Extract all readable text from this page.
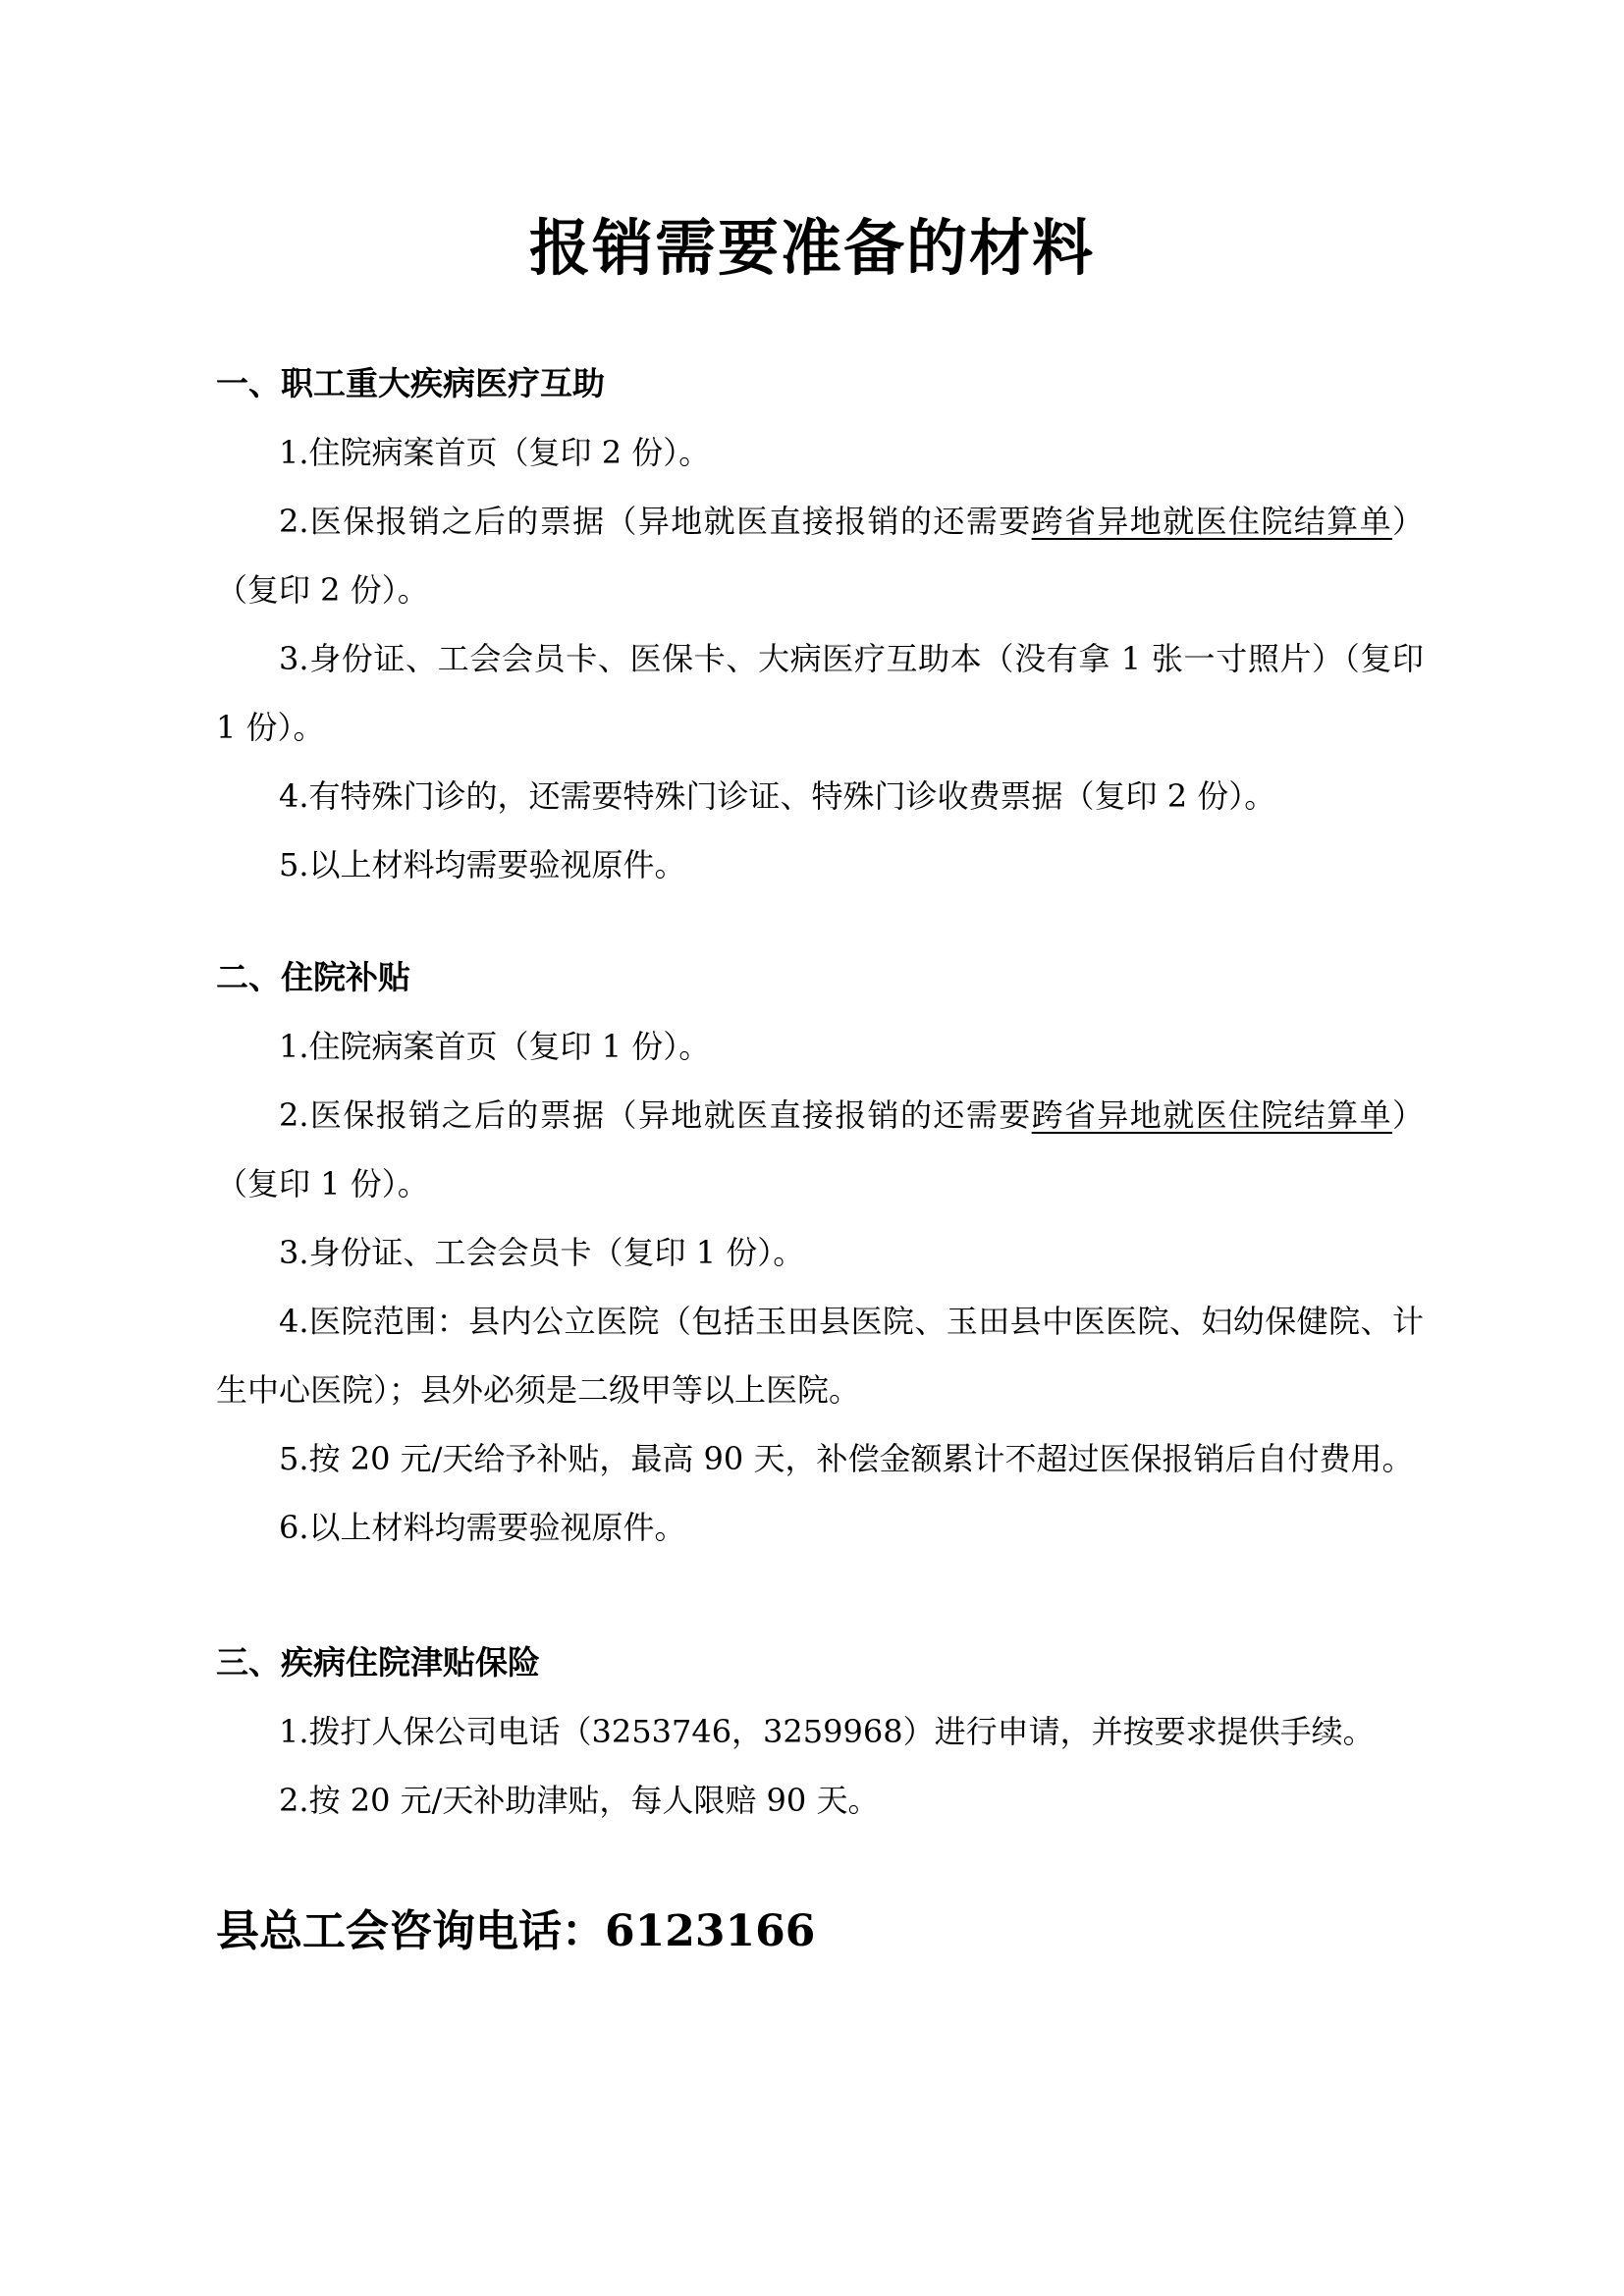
报销需要准备的材料

一、职工重大疾病医疗互助

1.住院病案首页（复印 2 份）。

2.医保报销之后的票据（异地就医直接报销的还需要跨省异地就医住院结算单）（复印 2 份）。

3.身份证、工会会员卡、医保卡、大病医疗互助本（没有拿 1 张一寸照片）（复印 1 份）。

4.有特殊门诊的，还需要特殊门诊证、特殊门诊收费票据（复印 2 份）。

5.以上材料均需要验视原件。

二、住院补贴

1.住院病案首页（复印 1 份）。

2.医保报销之后的票据（异地就医直接报销的还需要跨省异地就医住院结算单）（复印 1 份）。

3.身份证、工会会员卡（复印 1 份）。

4.医院范围：县内公立医院（包括玉田县医院、玉田县中医医院、妇幼保健院、计生中心医院）；县外必须是二级甲等以上医院。

5.按 20 元/天给予补贴，最高 90 天，补偿金额累计不超过医保报销后自付费用。

6.以上材料均需要验视原件。

三、疾病住院津贴保险

1.拨打人保公司电话（3253746，3259968）进行申请，并按要求提供手续。

2.按 20 元/天补助津贴，每人限赔 90 天。

县总工会咨询电话：6123166
